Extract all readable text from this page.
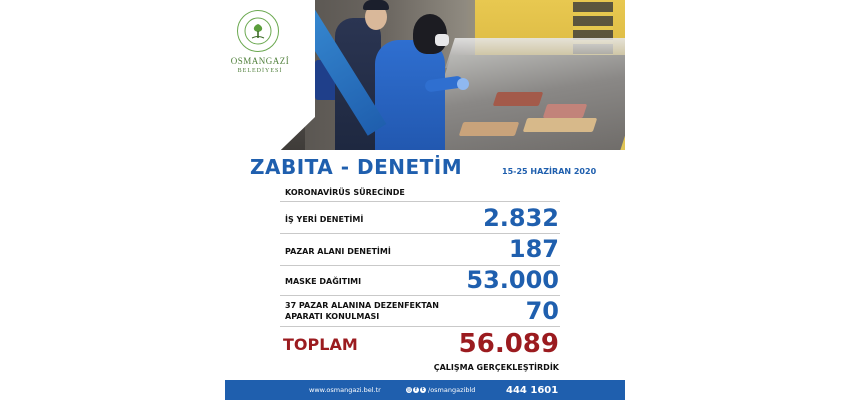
OSMANGAZİ
BELEDİYESİ
ZABITA - DENETİM	15-25 HAZİRAN 2020
KORONAVİRÜS SÜRECİNDE
İŞ YERİ DENETİMİ	2.832
PAZAR ALANI DENETİMİ	187
MASKE DAĞITIMI	53.000
37 PAZAR ALANINA DEZENFEKTAN
APARATI KONULMASI	70
TOPLAM	56.089
ÇALIŞMA GERÇEKLEŞTİRDİK
www.osmangazi.bel.tr	◎ f t /osmangazibld	444 1601
